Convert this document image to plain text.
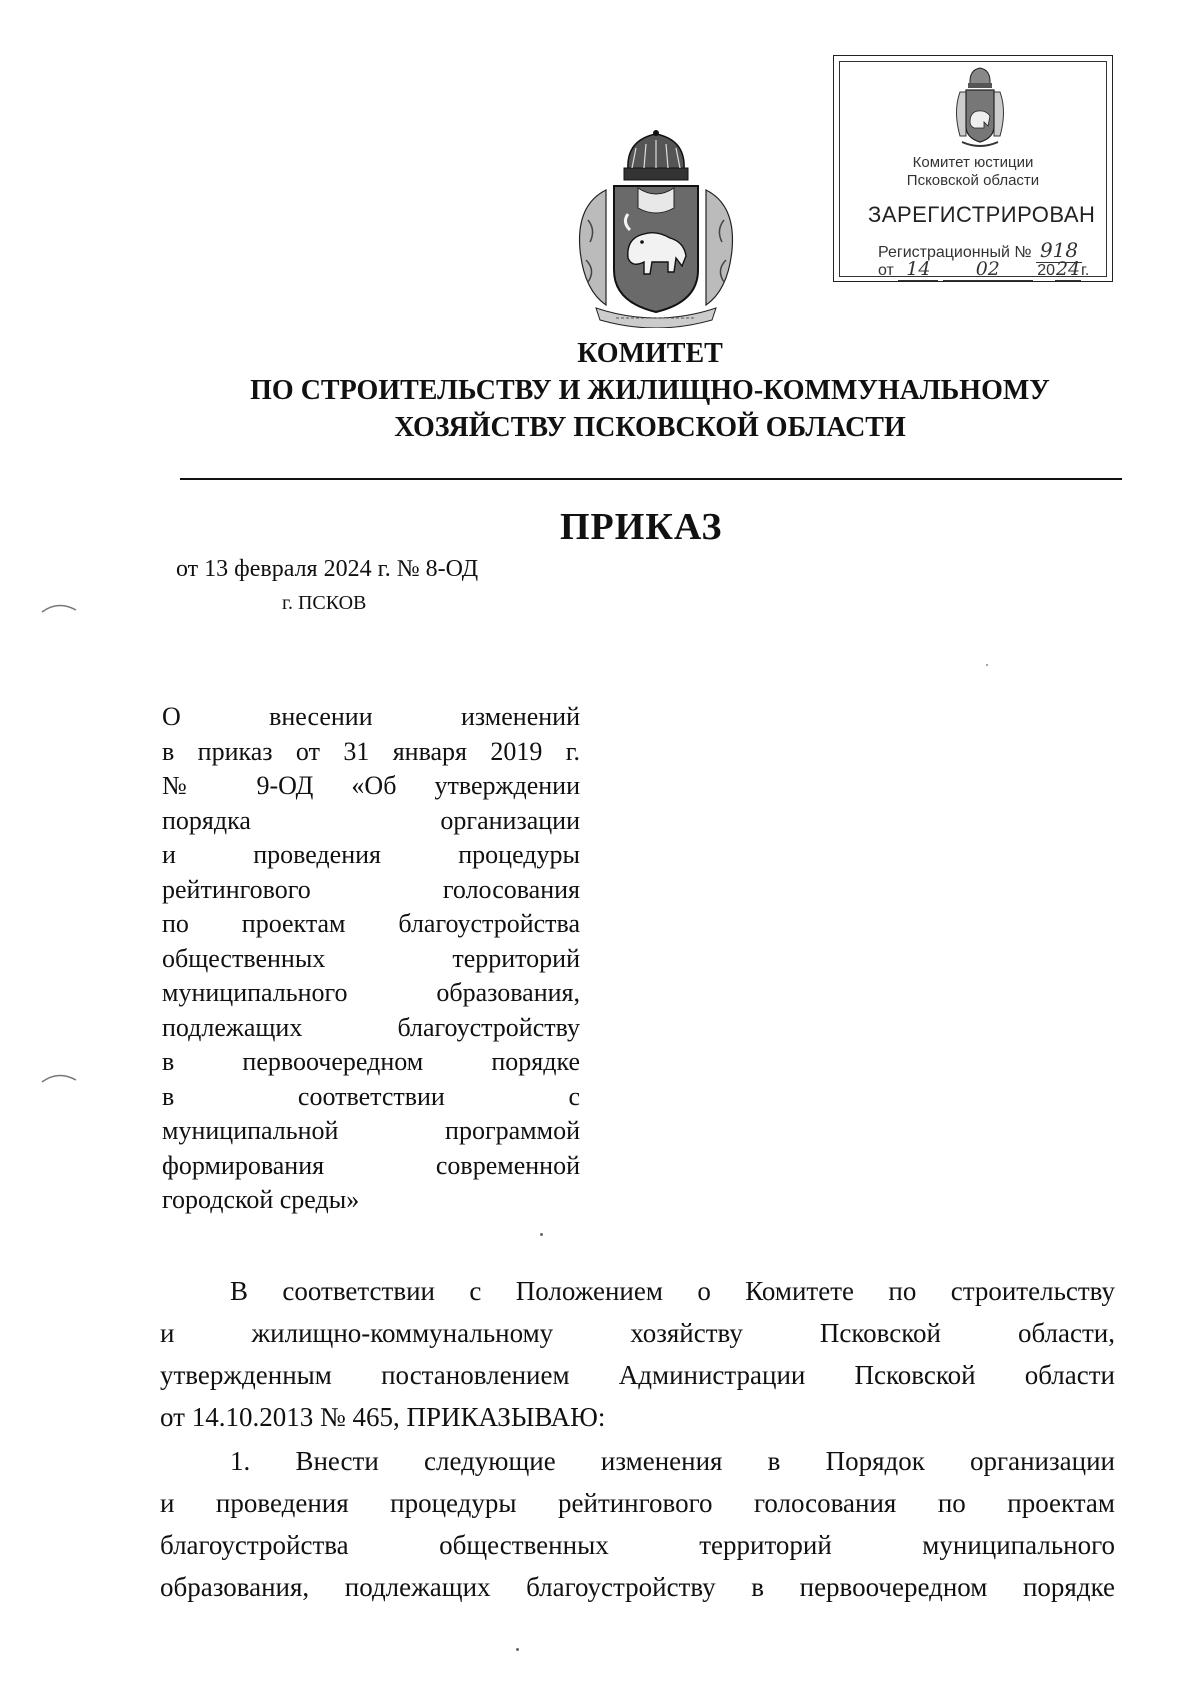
Комитет юстиции
Псковской области
ЗАРЕГИСТРИРОВАН
Регистрационный № 918
от 14 02 2024г.
КОМИТЕТ
ПО СТРОИТЕЛЬСТВУ И ЖИЛИЩНО-КОММУНАЛЬНОМУ
ХОЗЯЙСТВУ ПСКОВСКОЙ ОБЛАСТИ
ПРИКАЗ
от 13 февраля 2024 г. № 8-ОД
г. ПСКОВ
О внесении изменений
в приказ от 31 января 2019 г.
№ 9-ОД «Об утверждении
порядка организации
и проведения процедуры
рейтингового голосования
по проектам благоустройства
общественных территорий
муниципального образования,
подлежащих благоустройству
в первоочередном порядке
в соответствии с
муниципальной программой
формирования современной
городской среды»
В соответствии с Положением о Комитете по строительству
и жилищно-коммунальному хозяйству Псковской области,
утвержденным постановлением Администрации Псковской области
от 14.10.2013 № 465, ПРИКАЗЫВАЮ:
1. Внести следующие изменения в Порядок организации
и проведения процедуры рейтингового голосования по проектам
благоустройства общественных территорий муниципального
образования, подлежащих благоустройству в первоочередном порядке
